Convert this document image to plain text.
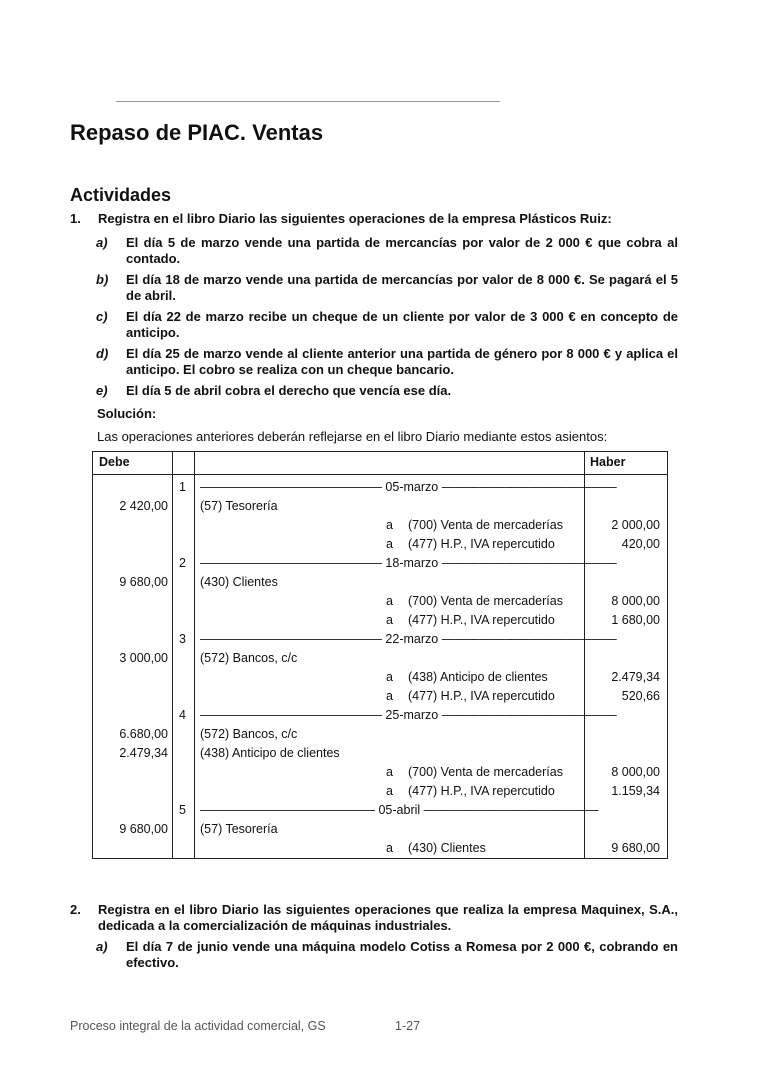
Repaso de PIAC. Ventas
Actividades
1. Registra en el libro Diario las siguientes operaciones de la empresa Plásticos Ruiz:
a) El día 5 de marzo vende una partida de mercancías por valor de 2 000 € que cobra al contado.
b) El día 18 de marzo vende una partida de mercancías por valor de 8 000 €. Se pagará el 5 de abril.
c) El día 22 de marzo recibe un cheque de un cliente por valor de 3 000 € en concepto de anticipo.
d) El día 25 de marzo vende al cliente anterior una partida de género por 8 000 € y aplica el anticipo. El cobro se realiza con un cheque bancario.
e) El día 5 de abril cobra el derecho que vencía ese día.
Solución:
Las operaciones anteriores deberán reflejarse en el libro Diario mediante estos asientos:
Debe	Haber
1 ——————————————– 05-marzo ——————————————
2 420,00	(57) Tesorería
a (700) Venta de mercaderías	2 000,00
a (477) H.P., IVA repercutido	420,00
2 ——————————————– 18-marzo ——————————————
9 680,00	(430) Clientes
a (700) Venta de mercaderías	8 000,00
a (477) H.P., IVA repercutido	1 680,00
3 ——————————————– 22-marzo ——————————————
3 000,00	(572) Bancos, c/c
a (438) Anticipo de clientes	2.479,34
a (477) H.P., IVA repercutido	520,66
4 ——————————————– 25-marzo ——————————————
6.680,00	(572) Bancos, c/c
2.479,34	(438) Anticipo de clientes
a (700) Venta de mercaderías	8 000,00
a (477) H.P., IVA repercutido	1.159,34
5 —————————————— 05-abril ——————————————
9 680,00	(57) Tesorería
a (430) Clientes	9 680,00
2. Registra en el libro Diario las siguientes operaciones que realiza la empresa Maquinex, S.A., dedicada a la comercialización de máquinas industriales.
a) El día 7 de junio vende una máquina modelo Cotiss a Romesa por 2 000 €, cobrando en efectivo.
Proceso integral de la actividad comercial, GS	1-27
